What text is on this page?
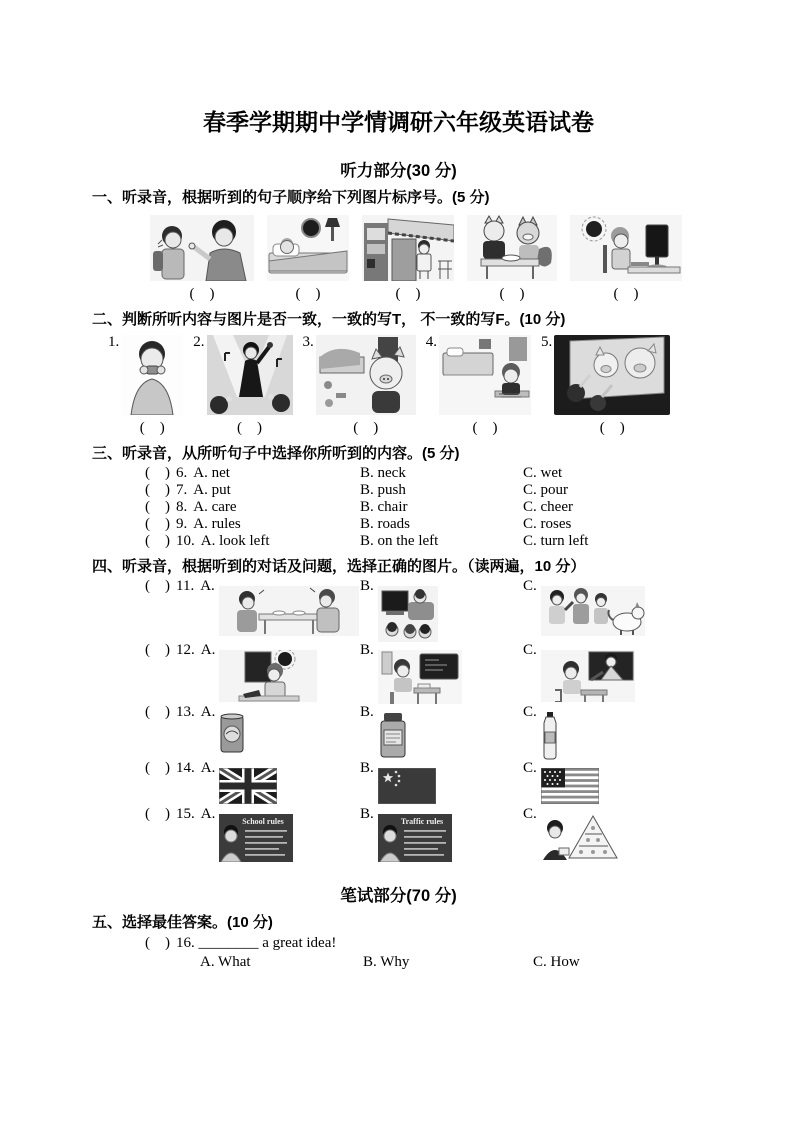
春季学期期中学情调研六年级英语试卷
听力部分(30 分)
一、听录音，根据听到的句子顺序给下列图片标序号。(5 分)
(    )	(    )	(    )	(    )	(    )
二、判断所听内容与图片是否一致，一致的写T， 不一致的写F。(10 分)
1.
(    )
2.
(    )
3.
(    )
4.
(    )
5.
(    )
三、听录音，从所听句子中选择你所听到的内容。(5 分)
(    ) 6. A. net	B. neck	C. wet
(    ) 7. A. put	B. push	C. pour
(    ) 8. A. care	B. chair	C. cheer
(    ) 9. A. rules	B. roads	C. roses
(    ) 10. A. look left	B. on the left	C. turn left
四、听录音，根据听到的对话及问题，选择正确的图片。（读两遍，10 分）
(    ) 11. A.	B.	C.
(    ) 12. A.	B.	C.
(    ) 13. A.	B.	C.
(    ) 14. A.	B.	C.
(    ) 15. A.	School rules	B.	Traffic rules	C.
笔试部分(70 分)
五、选择最佳答案。(10 分)
(    ) 16. ________ a great idea!
A. What	B. Why	C. How
